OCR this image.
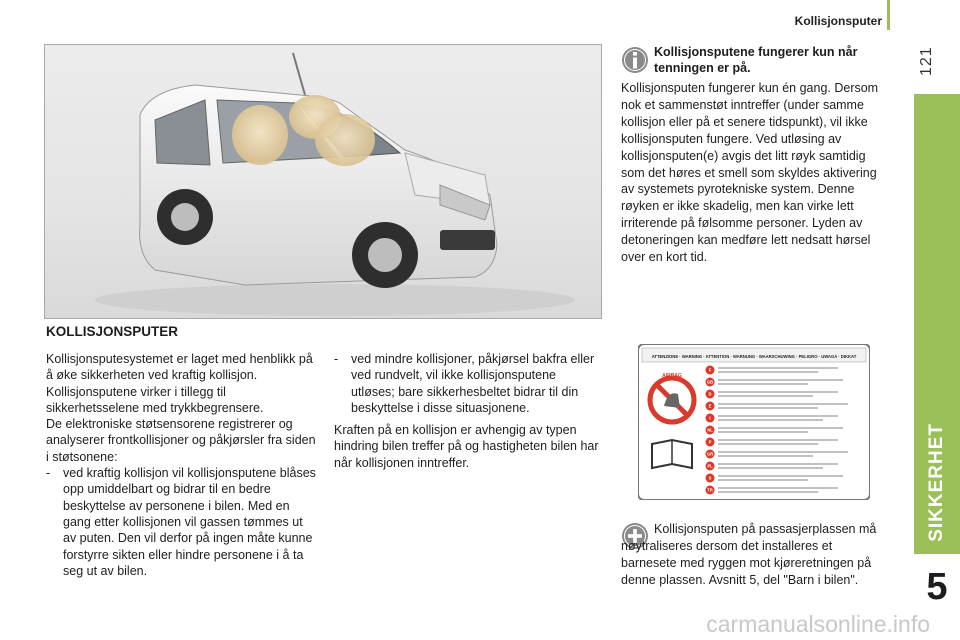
Kollisjonsputer
121
SIKKERHET
5
KOLLISJONSPUTER

Kollisjonsputesystemet er laget med henblikk på å øke sikkerheten ved kraftig kollisjon. Kollisjonsputene virker i tillegg til sikkerhetsselene med trykkbegrensere.

De elektroniske støtsensorene registrerer og analyserer frontkollisjoner og påkjørsler fra siden i støtsonene:

-	ved kraftig kollisjon vil kollisjonsputene blåses opp umiddelbart og bidrar til en bedre beskyttelse av personene i bilen. Med en gang etter kollisjonen vil gassen tømmes ut av puten. Den vil derfor på ingen måte kunne forstyrre sikten eller hindre personene i å ta seg ut av bilen.
-	ved mindre kollisjoner, påkjørsel bakfra eller ved rundvelt, vil ikke kollisjonsputene utløses; bare sikkerhesbeltet bidrar til din beskyttelse i disse situasjonene.

Kraften på en kollisjon er avhengig av typen hindring bilen treffer på og hastigheten bilen har når kollisjonen inntreffer.

Kollisjonsputene fungerer kun når tenningen er på.
Kollisjonsputen fungerer kun én gang. Dersom nok et sammenstøt inntreffer (under samme kollisjon eller på et senere tidspunkt), vil ikke kollisjonsputen fungere. Ved utløsing av kollisjonsputen(e) avgis det litt røyk samtidig som det høres et smell som skyldes aktivering av systemets pyrotekniske system. Denne røyken er ikke skadelig, men kan virke lett irriterende på følsomme personer. Lyden av detoneringen kan medføre lett nedsatt hørsel over en kort tid.
ATTENZIONE · WARNING · ATTENTION · WARNUNG · WAARSCHUWING · PELIGRO · UWAGA · DIKKAT
AIRBAG
F
GB
D
E
I
NL
P
GR
PL
S
TR
Kollisjonsputen på passasjerplassen må nøytraliseres dersom det installeres et barnesete med ryggen mot kjøreretningen på denne plassen. Avsnitt 5, del "Barn i bilen".
carmanualsonline.info
